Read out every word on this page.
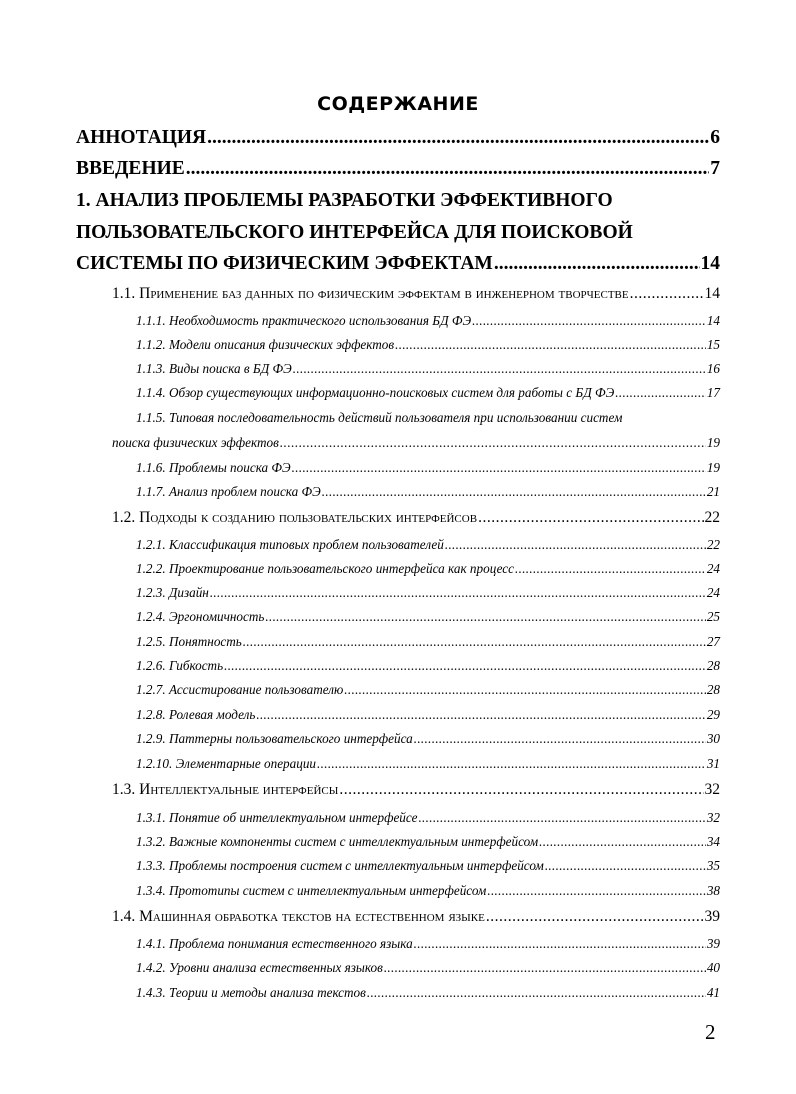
СОДЕРЖАНИЕ
АННОТАЦИЯ .....	6
ВВЕДЕНИЕ .....	7
1. АНАЛИЗ ПРОБЛЕМЫ РАЗРАБОТКИ ЭФФЕКТИВНОГО
ПОЛЬЗОВАТЕЛЬСКОГО ИНТЕРФЕЙСА ДЛЯ ПОИСКОВОЙ
СИСТЕМЫ ПО ФИЗИЧЕСКИМ ЭФФЕКТАМ .....	14
1.1. Применение баз данных по физическим эффектам в инженерном творчестве .....	14
1.1.1. Необходимость практического использования БД ФЭ .....	14
1.1.2. Модели описания физических эффектов .....	15
1.1.3. Виды поиска в БД ФЭ .....	16
1.1.4. Обзор существующих информационно-поисковых систем для работы с БД ФЭ .....	17
1.1.5. Типовая последовательность действий пользователя при использовании систем
поиска физических эффектов .....	19
1.1.6. Проблемы поиска ФЭ .....	19
1.1.7. Анализ проблем поиска ФЭ .....	21
1.2. Подходы к созданию пользовательских интерфейсов .....	22
1.2.1. Классификация типовых проблем пользователей .....	22
1.2.2. Проектирование пользовательского интерфейса как процесс .....	24
1.2.3. Дизайн .....	24
1.2.4. Эргономичность .....	25
1.2.5. Понятность .....	27
1.2.6. Гибкость .....	28
1.2.7. Ассистирование пользователю .....	28
1.2.8. Ролевая модель .....	29
1.2.9. Паттерны пользовательского интерфейса .....	30
1.2.10. Элементарные операции .....	31
1.3. Интеллектуальные интерфейсы .....	32
1.3.1. Понятие об интеллектуальном интерфейсе .....	32
1.3.2. Важные компоненты систем с интеллектуальным интерфейсом .....	34
1.3.3. Проблемы построения систем с интеллектуальным интерфейсом .....	35
1.3.4. Прототипы систем с интеллектуальным интерфейсом .....	38
1.4. Машинная обработка текстов на естественном языке .....	39
1.4.1. Проблема понимания естественного языка .....	39
1.4.2. Уровни анализа естественных языков .....	40
1.4.3. Теории и методы анализа текстов .....	41
2
